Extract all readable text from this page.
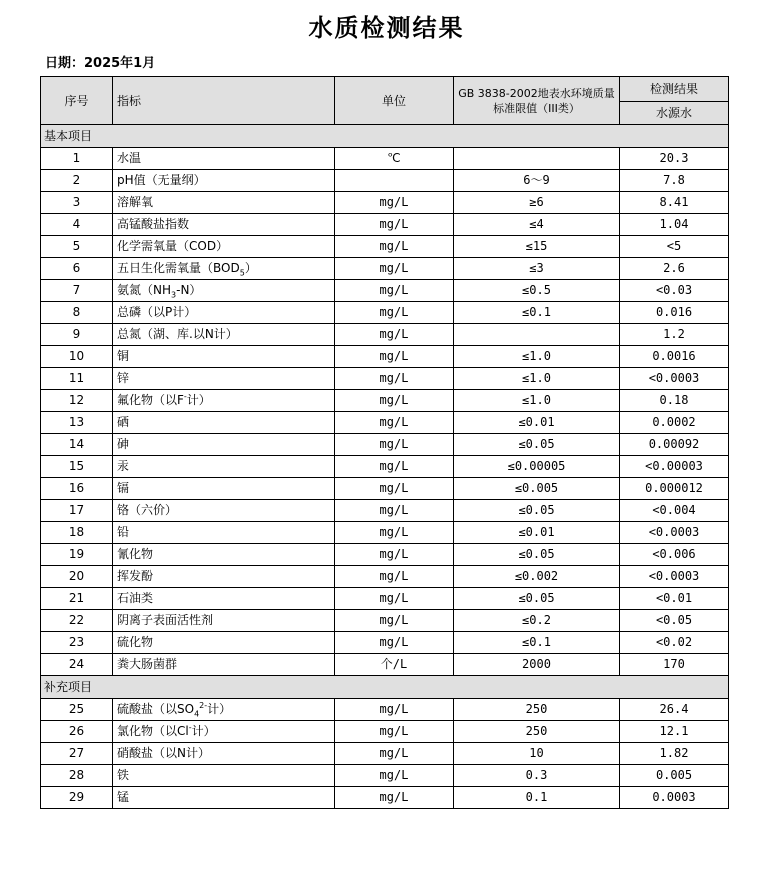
水质检测结果
日期：2025年1月
序号	指标	单位	GB 3838-2002地表水环境质量标准限值（III类）	检测结果
				水源水
基本项目				
1	水温	℃		20.3
2	pH值（无量纲）		6～9	7.8
3	溶解氧	mg/L	≥6	8.41
4	高锰酸盐指数	mg/L	≤4	1.04
5	化学需氧量（COD）	mg/L	≤15	<5
6	五日生化需氧量$(BOD_5)$	mg/L	≤3	2.6
7	氨氮$(NH_3-N)$	mg/L	≤0.5	<0.03
8	总磷（以P计）	mg/L	≤0.1	0.016
9	总氮（湖、库.以N计）	mg/L		1.2
10	铜	mg/L	≤1.0	0.0016
11	锌	mg/L	≤1.0	<0.0003
12	氟化物（以F-计）	mg/L	≤1.0	0.18
13	硒	mg/L	≤0.01	0.0002
14	砷	mg/L	≤0.05	0.00092
15	汞	mg/L	≤0.00005	<0.00003
16	镉	mg/L	≤0.005	0.000012
17	铬（六价）	mg/L	≤0.05	<0.004
18	铅	mg/L	≤0.01	<0.0003
19	氰化物	mg/L	≤0.05	<0.006
20	挥发酚	mg/L	≤0.002	<0.0003
21	石油类	mg/L	≤0.05	<0.01
22	阴离子表面活性剂	mg/L	≤0.2	<0.05
23	硫化物	mg/L	≤0.1	<0.02
24	粪大肠菌群	个/L	2000	170
补充项目				
25	硫酸盐（以$SO_4^{2-}$计）	mg/L	250	26.4
26	氯化物（以Cl-计）	mg/L	250	12.1
27	硝酸盐（以N计）	mg/L	10	1.82
28	铁	mg/L	0.3	0.005
29	锰	mg/L	0.1	0.0003
